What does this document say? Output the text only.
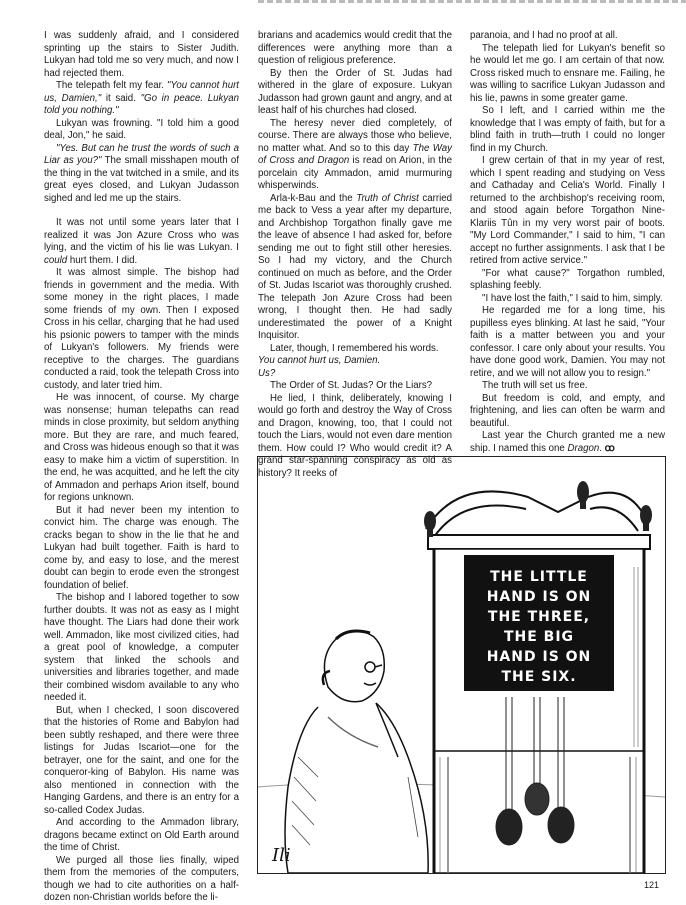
I was suddenly afraid, and I considered sprinting up the stairs to Sister Judith. Lukyan had told me so very much, and now I had rejected them.

The telepath felt my fear. "You cannot hurt us, Damien," it said. "Go in peace. Lukyan told you nothing."

Lukyan was frowning. "I told him a good deal, Jon," he said.

"Yes. But can he trust the words of such a Liar as you?" The small misshapen mouth of the thing in the vat twitched in a smile, and its great eyes closed, and Lukyan Judasson sighed and led me up the stairs.

It was not until some years later that I realized it was Jon Azure Cross who was lying, and the victim of his lie was Lukyan. I could hurt them. I did.

It was almost simple. The bishop had friends in government and the media. With some money in the right places, I made some friends of my own. Then I exposed Cross in his cellar, charging that he had used his psionic powers to tamper with the minds of Lukyan's followers. My friends were receptive to the charges. The guardians conducted a raid, took the telepath Cross into custody, and later tried him.

He was innocent, of course. My charge was nonsense; human telepaths can read minds in close proximity, but seldom anything more. But they are rare, and much feared, and Cross was hideous enough so that it was easy to make him a victim of superstition. In the end, he was acquitted, and he left the city of Ammadon and perhaps Arion itself, bound for regions unknown.

But it had never been my intention to convict him. The charge was enough. The cracks began to show in the lie that he and Lukyan had built together. Faith is hard to come by, and easy to lose, and the merest doubt can begin to erode even the strongest foundation of belief.

The bishop and I labored together to sow further doubts. It was not as easy as I might have thought. The Liars had done their work well. Ammadon, like most civilized cities, had a great pool of knowledge, a computer system that linked the schools and universities and libraries together, and made their combined wisdom available to any who needed it.

But, when I checked, I soon discovered that the histories of Rome and Babylon had been subtly reshaped, and there were three listings for Judas Iscariot—one for the betrayer, one for the saint, and one for the conqueror-king of Babylon. His name was also mentioned in connection with the Hanging Gardens, and there is an entry for a so-called Codex Judas.

And according to the Ammadon library, dragons became extinct on Old Earth around the time of Christ.

We purged all those lies finally, wiped them from the memories of the computers, though we had to cite authorities on a half-dozen non-Christian worlds before the li-

brarians and academics would credit that the differences were anything more than a question of religious preference.

By then the Order of St. Judas had withered in the glare of exposure. Lukyan Judasson had grown gaunt and angry, and at least half of his churches had closed.

The heresy never died completely, of course. There are always those who believe, no matter what. And so to this day The Way of Cross and Dragon is read on Arion, in the porcelain city Ammadon, amid murmuring whisperwinds.

Arla-k-Bau and the Truth of Christ carried me back to Vess a year after my departure, and Archbishop Torgathon finally gave me the leave of absence I had asked for, before sending me out to fight still other heresies. So I had my victory, and the Church continued on much as before, and the Order of St. Judas Iscariot was thoroughly crushed. The telepath Jon Azure Cross had been wrong, I thought then. He had sadly underestimated the power of a Knight Inquisitor.

Later, though, I remembered his words.

You cannot hurt us, Damien.

Us?

The Order of St. Judas? Or the Liars?

He lied, I think, deliberately, knowing I would go forth and destroy the Way of Cross and Dragon, knowing, too, that I could not touch the Liars, would not even dare mention them. How could I? Who would credit it? A grand star-spanning conspiracy as old as history? It reeks of

paranoia, and I had no proof at all.

The telepath lied for Lukyan's benefit so he would let me go. I am certain of that now. Cross risked much to ensnare me. Failing, he was willing to sacrifice Lukyan Judasson and his lie, pawns in some greater game.

So I left, and I carried within me the knowledge that I was empty of faith, but for a blind faith in truth—truth I could no longer find in my Church.

I grew certain of that in my year of rest, which I spent reading and studying on Vess and Cathaday and Celia's World. Finally I returned to the archbishop's receiving room, and stood again before Torgathon Nine-Klariis Tûn in my very worst pair of boots. "My Lord Commander," I said to him, "I can accept no further assignments. I ask that I be retired from active service."

"For what cause?" Torgathon rumbled, splashing feebly.

"I have lost the faith," I said to him, simply.

He regarded me for a long time, his pupilless eyes blinking. At last he said, "Your faith is a matter between you and your confessor. I care only about your results. You have done good work, Damien. You may not retire, and we will not allow you to resign."

The truth will set us free.

But freedom is cold, and empty, and frightening, and lies can often be warm and beautiful.

Last year the Church granted me a new ship. I named this one Dragon. ꝏ

THE LITTLE
HAND IS ON
THE THREE,
THE BIG
HAND IS ON
THE SIX.
Ili
121
